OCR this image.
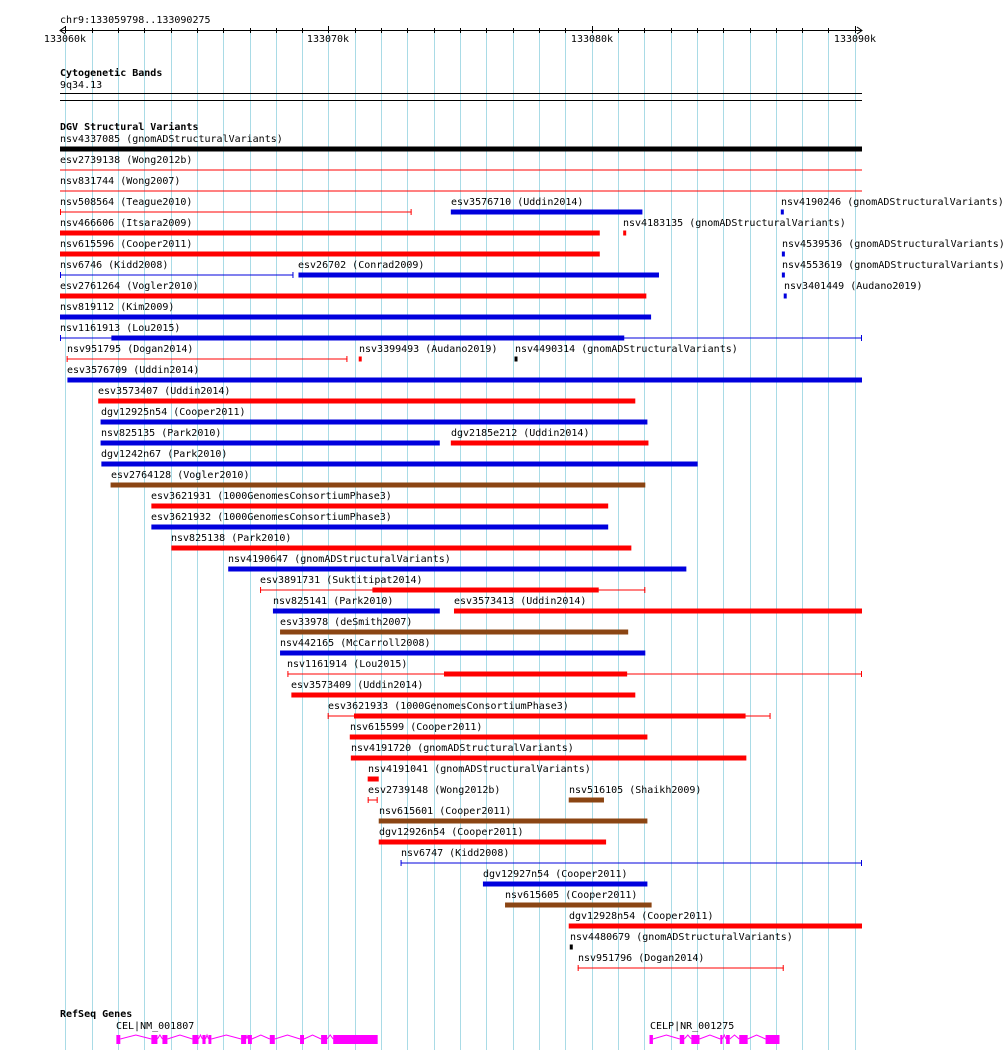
chr9:133059798..133090275
133060k	133070k	133080k	133090k
Cytogenetic Bands
9q34.13
DGV Structural Variants
nsv4337085 (gnomADStructuralVariants)
esv2739138 (Wong2012b)
nsv831744 (Wong2007)
nsv508564 (Teague2010)	esv3576710 (Uddin2014)	nsv4190246 (gnomADStructuralVariants)
nsv466606 (Itsara2009)	nsv4183135 (gnomADStructuralVariants)
nsv615596 (Cooper2011)	nsv4539536 (gnomADStructuralVariants)
nsv6746 (Kidd2008)	esv26702 (Conrad2009)	nsv4553619 (gnomADStructuralVariants)
esv2761264 (Vogler2010)	nsv3401449 (Audano2019)
nsv819112 (Kim2009)
nsv1161913 (Lou2015)
nsv951795 (Dogan2014)	nsv3399493 (Audano2019) nsv4490314 (gnomADStructuralVariants)
esv3576709 (Uddin2014)
esv3573407 (Uddin2014)
dgv12925n54 (Cooper2011)
nsv825135 (Park2010)	dgv2185e212 (Uddin2014)
dgv1242n67 (Park2010)
esv2764128 (Vogler2010)
esv3621931 (1000GenomesConsortiumPhase3)
esv3621932 (1000GenomesConsortiumPhase3)
nsv825138 (Park2010)
nsv4190647 (gnomADStructuralVariants)
esv3891731 (Suktitipat2014)
nsv825141 (Park2010)	esv3573413 (Uddin2014)
esv33978 (deSmith2007)
nsv442165 (McCarroll2008)
nsv1161914 (Lou2015)
esv3573409 (Uddin2014)
esv3621933 (1000GenomesConsortiumPhase3)
nsv615599 (Cooper2011)
nsv4191720 (gnomADStructuralVariants)
nsv4191041 (gnomADStructuralVariants)
esv2739148 (Wong2012b)	nsv516105 (Shaikh2009)
nsv615601 (Cooper2011)
dgv12926n54 (Cooper2011)
nsv6747 (Kidd2008)
dgv12927n54 (Cooper2011)
nsv615605 (Cooper2011)
dgv12928n54 (Cooper2011)
nsv4480679 (gnomADStructuralVariants)
nsv951796 (Dogan2014)
RefSeq Genes
CEL|NM_001807	CELP|NR_001275
